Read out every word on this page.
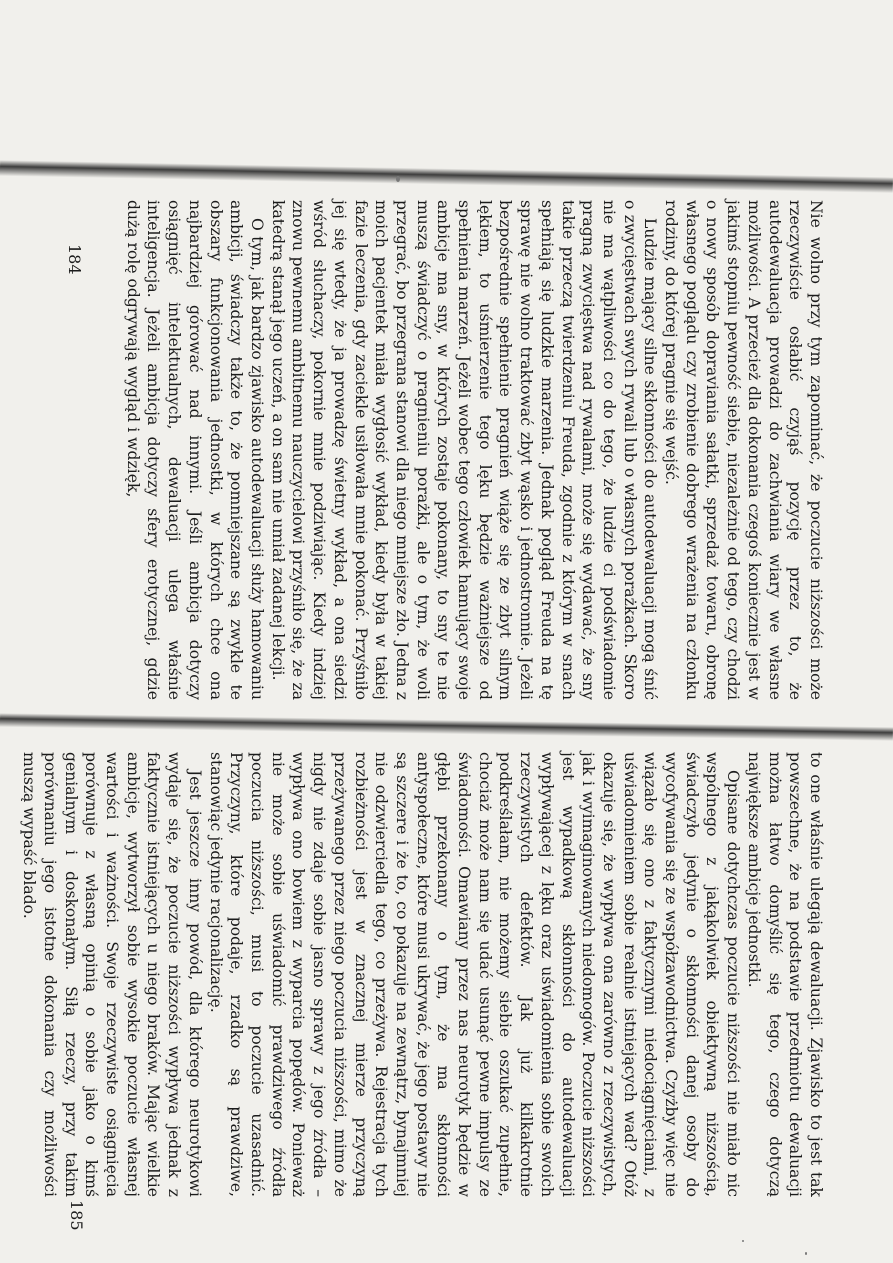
Nie wolno przy tym zapominać, że poczucie niższości może rzeczywiście osłabić czyjąś pozycję przez to, że autodewaluacja prowadzi do zachwiania wiary we własne możliwości. A przecież dla dokonania czegoś koniecznie jest w jakimś stopniu pewność siebie, niezależnie od tego, czy chodzi o nowy sposób dopraviania sałatki, sprzedaż towaru, obronę własnego poglądu czy zrobienie dobrego wrażenia na członku rodziny, do której pragnie się wejść.

Ludzie mający silne skłonności do autodewaluacji mogą śnić o zwycięstwach swych rywali lub o własnych porażkach. Skoro nie ma wątpliwości co do tego, że ludzie ci podświadomie pragną zwycięstwa nad rywalami, może się wydawać, że sny takie przeczą twierdzeniu Freuda, zgodnie z którym w snach spełniają się ludzkie marzenia. Jednak pogląd Freuda na tę sprawę nie wolno traktować zbyt wąsko i jednostronnie. Jeżeli bezpośrednie spełnienie pragnień wiąże się ze zbyt silnym lękiem, to uśmierzenie tego lęku będzie ważniejsze od spełnienia marzeń. Jeżeli wobec tego człowiek hamujący swoje ambicje ma sny, w których zostaje pokonany, to sny te nie muszą świadczyć o pragnieniu porażki, ale o tym, że woli przegrać, bo przegrana stanowi dla niego mniejsze zło. Jedna z moich pacjentek miała wygłosić wykład, kiedy była w takiej fazie leczenia, gdy zaciekle usiłowała mnie pokonać. Przyśniło jej się wtedy, że ja prowadzę świetny wykład, a ona siedzi wśród słuchaczy, pokornie mnie podziwiając. Kiedy indziej znowu pewnemu ambitnemu nauczycielowi przyśniło się, że za katedrą stanął jego uczeń, a on sam nie umiał zadanej lekcji.

O tym, jak bardzo zjawisko autodewaluacji służy hamowaniu ambicji, świadczy także to, że pomniejszane są zwykle te obszary funkcjonowania jednostki, w których chce ona najbardziej górować nad innymi. Jeśli ambicja dotyczy osiągnięć intelektualnych, dewaluacji ulega właśnie inteligencja. Jeżeli ambicja dotyczy sfery erotycznej, gdzie dużą rolę odgrywają wygląd i wdzięk,

184

to one właśnie ulegają dewaluacji. Zjawisko to jest tak powszechne, że na podstawie przedmiotu dewaluacji można łatwo domyślić się tego, czego dotyczą największe ambicje jednostki.

Opisane dotychczas poczucie niższości nie miało nic wspólnego z jakąkolwiek obiektywną niższością, świadczyło jedynie o skłonności danej osoby do wycofywania się ze współzawodnictwa. Czyżby więc nie wiązało się ono z faktycznymi niedociągnięciami, z uświadomieniem sobie realnie istniejących wad? Otóż okazuje się, że wypływa ona zarówno z rzeczywistych, jak i wyimaginowanych niedomogów. Poczucie niższości jest wypadkową skłonności do autodewaluacji wypływającej z lęku oraz uświadomienia sobie swoich rzeczywistych defektów. Jak już kilkakrotnie podkreślałam, nie możemy siebie oszukać zupełnie, chociaż może nam się udać usunąć pewne impulsy ze świadomości. Omawiany przez nas neurotyk będzie w głębi przekonany o tym, że ma skłonności antyspołeczne, które musi ukrywać, że jego postawy nie są szczere i że to, co pokazuje na zewnątrz, bynajmniej nie odzwierciedla tego, co przeżywa. Rejestracja tych rozbieżności jest w znacznej mierze przyczyną przeżywanego przez niego poczucia niższości, mimo że nigdy nie zdaje sobie jasno sprawy z jego źródła – wypływa ono bowiem z wyparcia popędów. Ponieważ nie może sobie uświadomić prawdziwego źródła poczucia niższości, musi to poczucie uzasadnić. Przyczyny, które podaje, rzadko są prawdziwe, stanowiąc jedynie racjonalizację.

Jest jeszcze inny powód, dla którego neurotykowi wydaje się, że poczucie niższości wypływa jednak z faktycznie istniejących u niego braków. Mając wielkie ambicje, wytworzył sobie wysokie poczucie własnej wartości i ważności. Swoje rzeczywiste osiągnięcia porównuje z własną opinią o sobie jako o kimś genialnym i doskonałym. Siłą rzeczy, przy takim porównaniu jego istotne dokonania czy możliwości muszą wypaść blado.

185
